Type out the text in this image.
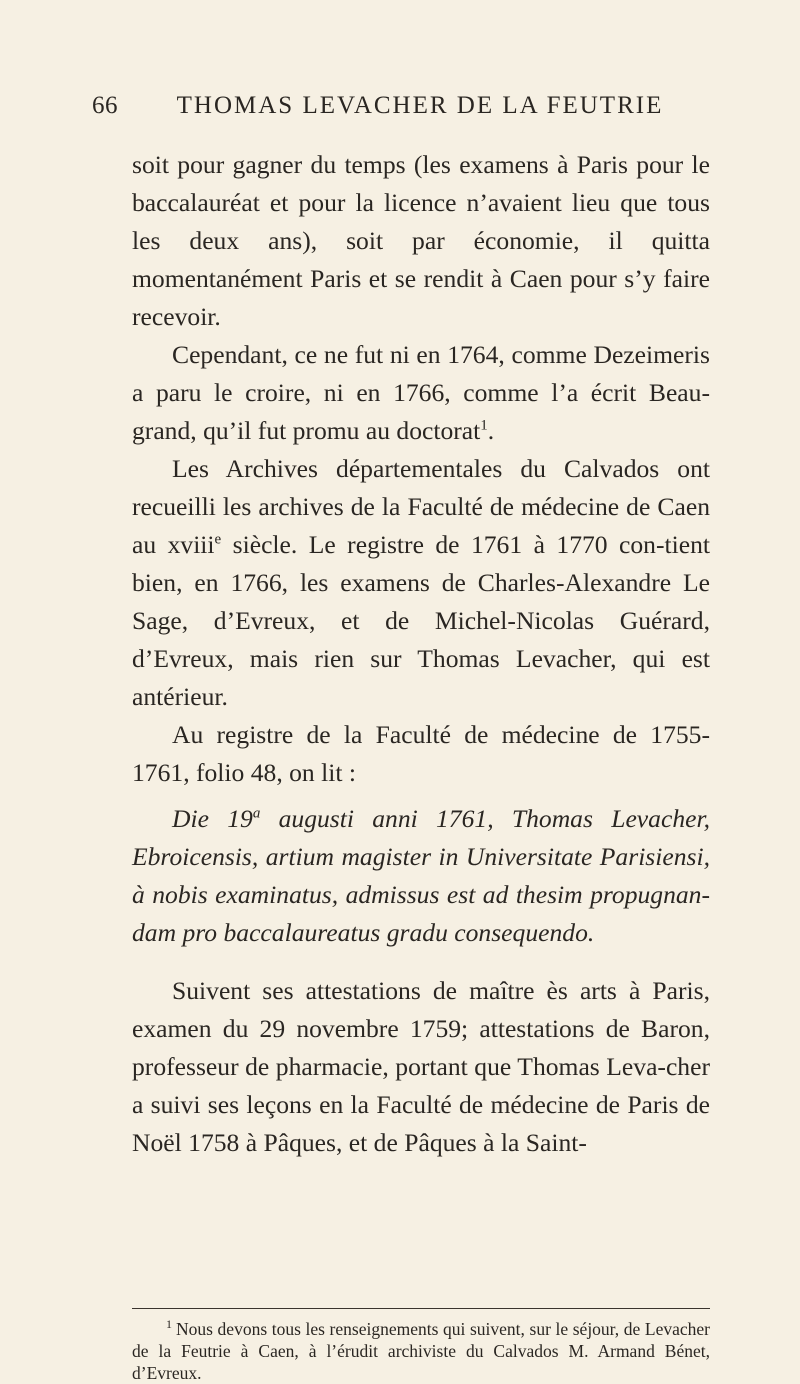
66	THOMAS LEVACHER DE LA FEUTRIE

soit pour gagner du temps (les examens à Paris pour le baccalauréat et pour la licence n’avaient lieu que tous les deux ans), soit par économie, il quitta momentanément Paris et se rendit à Caen pour s’y faire recevoir.

Cependant, ce ne fut ni en 1764, comme Dezeimeris a paru le croire, ni en 1766, comme l’a écrit Beau-grand, qu’il fut promu au doctorat$^1$.

Les Archives départementales du Calvados ont recueilli les archives de la Faculté de médecine de Caen au xviii$^e$ siècle. Le registre de 1761 à 1770 con-tient bien, en 1766, les examens de Charles-Alexandre Le Sage, d’Evreux, et de Michel-Nicolas Guérard, d’Evreux, mais rien sur Thomas Levacher, qui est antérieur.

Au registre de la Faculté de médecine de 1755-1761, folio 48, on lit :

Die 19$^a$ augusti anni 1761, Thomas Levacher, Ebroicensis, artium magister in Universitate Parisiensi, à nobis examinatus, admissus est ad thesim propugnan-dam pro baccalaureatus gradu consequendo.

Suivent ses attestations de maître ès arts à Paris, examen du 29 novembre 1759; attestations de Baron, professeur de pharmacie, portant que Thomas Leva-cher a suivi ses leçons en la Faculté de médecine de Paris de Noël 1758 à Pâques, et de Pâques à la Saint-

$^1$ Nous devons tous les renseignements qui suivent, sur le séjour, de Levacher de la Feutrie à Caen, à l’érudit archiviste du Calvados M. Armand Bénet, d’Evreux.
